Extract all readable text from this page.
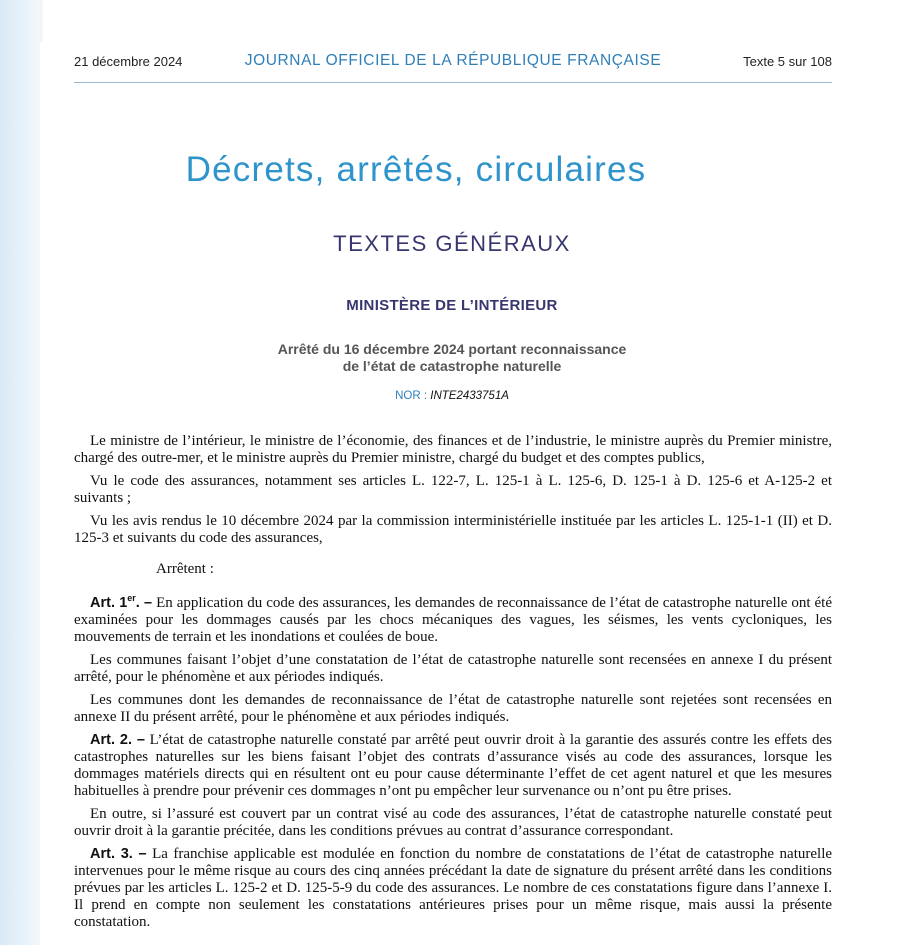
21 décembre 2024	JOURNAL OFFICIEL DE LA RÉPUBLIQUE FRANÇAISE	Texte 5 sur 108
Décrets, arrêtés, circulaires
TEXTES GÉNÉRAUX
MINISTÈRE DE L’INTÉRIEUR
Arrêté du 16 décembre 2024 portant reconnaissance
de l’état de catastrophe naturelle
NOR : INTE2433751A

Le ministre de l’intérieur, le ministre de l’économie, des finances et de l’industrie, le ministre auprès du Premier ministre, chargé des outre-mer, et le ministre auprès du Premier ministre, chargé du budget et des comptes publics,

Vu le code des assurances, notamment ses articles L. 122-7, L. 125-1 à L. 125-6, D. 125-1 à D. 125-6 et A-125-2 et suivants ;

Vu les avis rendus le 10 décembre 2024 par la commission interministérielle instituée par les articles L. 125-1-1 (II) et D. 125-3 et suivants du code des assurances,

Arrêtent :

Art. 1er. – En application du code des assurances, les demandes de reconnaissance de l’état de catastrophe naturelle ont été examinées pour les dommages causés par les chocs mécaniques des vagues, les séismes, les vents cycloniques, les mouvements de terrain et les inondations et coulées de boue.

Les communes faisant l’objet d’une constatation de l’état de catastrophe naturelle sont recensées en annexe I du présent arrêté, pour le phénomène et aux périodes indiqués.

Les communes dont les demandes de reconnaissance de l’état de catastrophe naturelle sont rejetées sont recensées en annexe II du présent arrêté, pour le phénomène et aux périodes indiqués.

Art. 2. – L’état de catastrophe naturelle constaté par arrêté peut ouvrir droit à la garantie des assurés contre les effets des catastrophes naturelles sur les biens faisant l’objet des contrats d’assurance visés au code des assurances, lorsque les dommages matériels directs qui en résultent ont eu pour cause déterminante l’effet de cet agent naturel et que les mesures habituelles à prendre pour prévenir ces dommages n’ont pu empêcher leur survenance ou n’ont pu être prises.

En outre, si l’assuré est couvert par un contrat visé au code des assurances, l’état de catastrophe naturelle constaté peut ouvrir droit à la garantie précitée, dans les conditions prévues au contrat d’assurance correspondant.

Art. 3. – La franchise applicable est modulée en fonction du nombre de constatations de l’état de catastrophe naturelle intervenues pour le même risque au cours des cinq années précédant la date de signature du présent arrêté dans les conditions prévues par les articles L. 125-2 et D. 125-5-9 du code des assurances. Le nombre de ces constatations figure dans l’annexe I. Il prend en compte non seulement les constatations antérieures prises pour un même risque, mais aussi la présente constatation.
